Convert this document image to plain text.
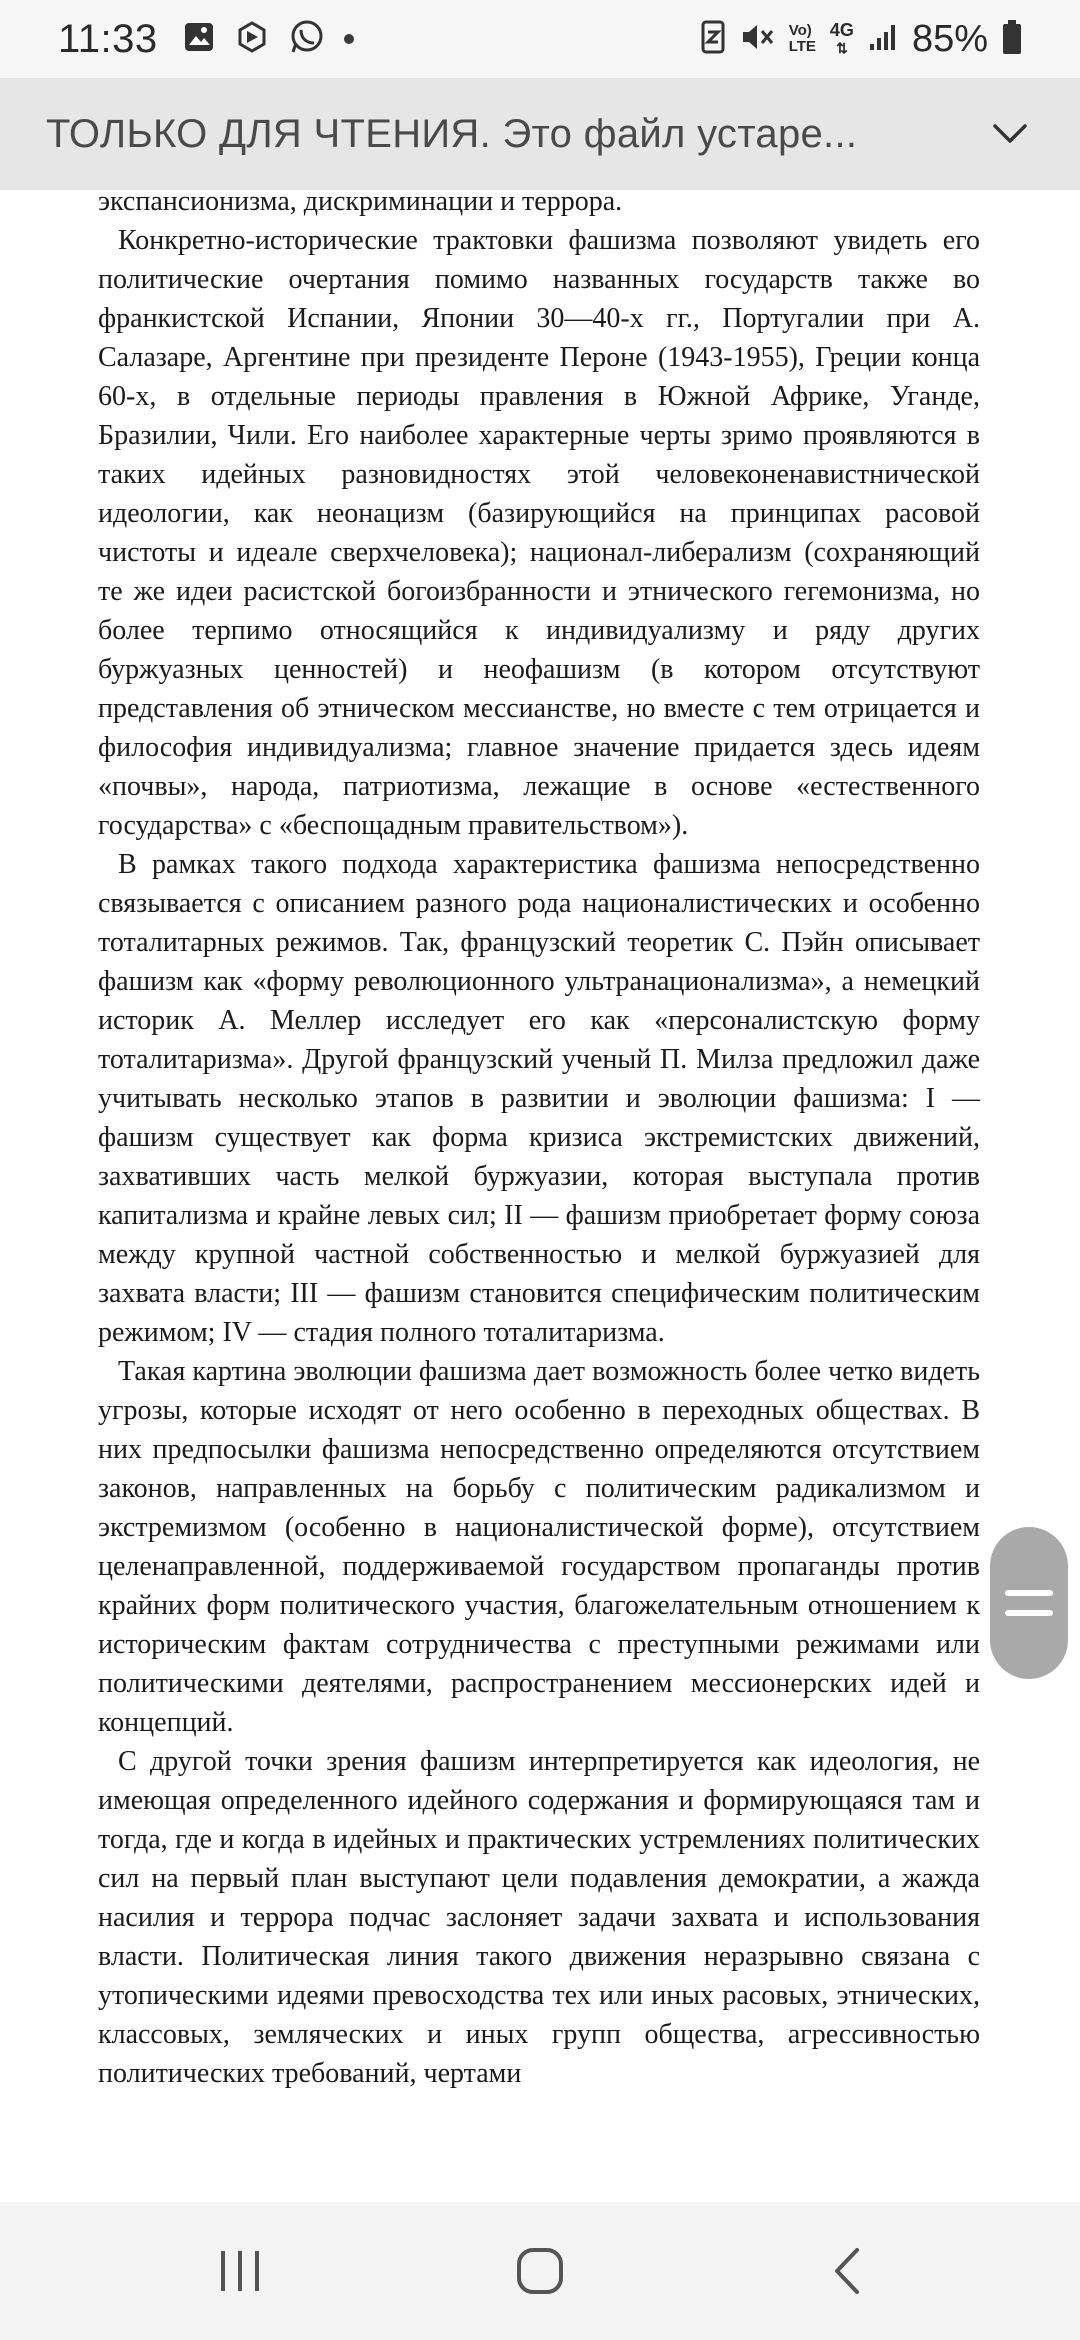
11:33	Vo)
LTE
4G
⇅ 85%
ТОЛЬКО ДЛЯ ЧТЕНИЯ. Это файл устаре...

экспансионизма, дискриминации и террора.

Конкретно-исторические трактовки фашизма позволяют увидеть его политические очертания помимо названных государств также во франкистской Испании, Японии 30—40-х гг., Португалии при А. Салазаре, Аргентине при президенте Пероне (1943-1955), Греции конца 60-х, в отдельные периоды правления в Южной Африке, Уганде, Бразилии, Чили. Его наиболее характерные черты зримо проявляются в таких идейных разновидностях этой человеконенавистнической идеологии, как неонацизм (базирующийся на принципах расовой чистоты и идеале сверхчеловека); национал-либерализм (сохраняющий те же идеи расистской богоизбранности и этнического гегемонизма, но более терпимо относящийся к индивидуализму и ряду других буржуазных ценностей) и неофашизм (в котором отсутствуют представления об этническом мессианстве, но вместе с тем отрицается и философия индивидуализма; главное значение придается здесь идеям «почвы», народа, патриотизма, лежащие в основе «естественного государства» с «беспощадным правительством»).

В рамках такого подхода характеристика фашизма непосредственно связывается с описанием разного рода националистических и особенно тоталитарных режимов. Так, французский теоретик С. Пэйн описывает фашизм как «форму революционного ультранационализма», а немецкий историк А. Меллер исследует его как «персоналистскую форму тоталитаризма». Другой французский ученый П. Милза предложил даже учитывать несколько этапов в развитии и эволюции фашизма: I — фашизм существует как форма кризиса экстремистских движений, захвативших часть мелкой буржуазии, которая выступала против капитализма и крайне левых сил; II — фашизм приобретает форму союза между крупной частной собственностью и мелкой буржуазией для захвата власти; III — фашизм становится специфическим политическим режимом; IV — стадия полного тоталитаризма.

Такая картина эволюции фашизма дает возможность более четко видеть угрозы, которые исходят от него особенно в переходных обществах. В них предпосылки фашизма непосредственно определяются отсутствием законов, направленных на борьбу с политическим радикализмом и экстремизмом (особенно в националистической форме), отсутствием целенаправленной, поддерживаемой государством пропаганды против крайних форм политического участия, благожелательным отношением к историческим фактам сотрудничества с преступными режимами или политическими деятелями, распространением мессионерских идей и концепций.

С другой точки зрения фашизм интерпретируется как идеология, не имеющая определенного идейного содержания и формирующаяся там и тогда, где и когда в идейных и практических устремлениях политических сил на первый план выступают цели подавления демократии, а жажда насилия и террора подчас заслоняет задачи захвата и использования власти. Политическая линия такого движения неразрывно связана с утопическими идеями превосходства тех или иных расовых, этнических, классовых, земляческих и иных групп общества, агрессивностью политических требований, чертами
